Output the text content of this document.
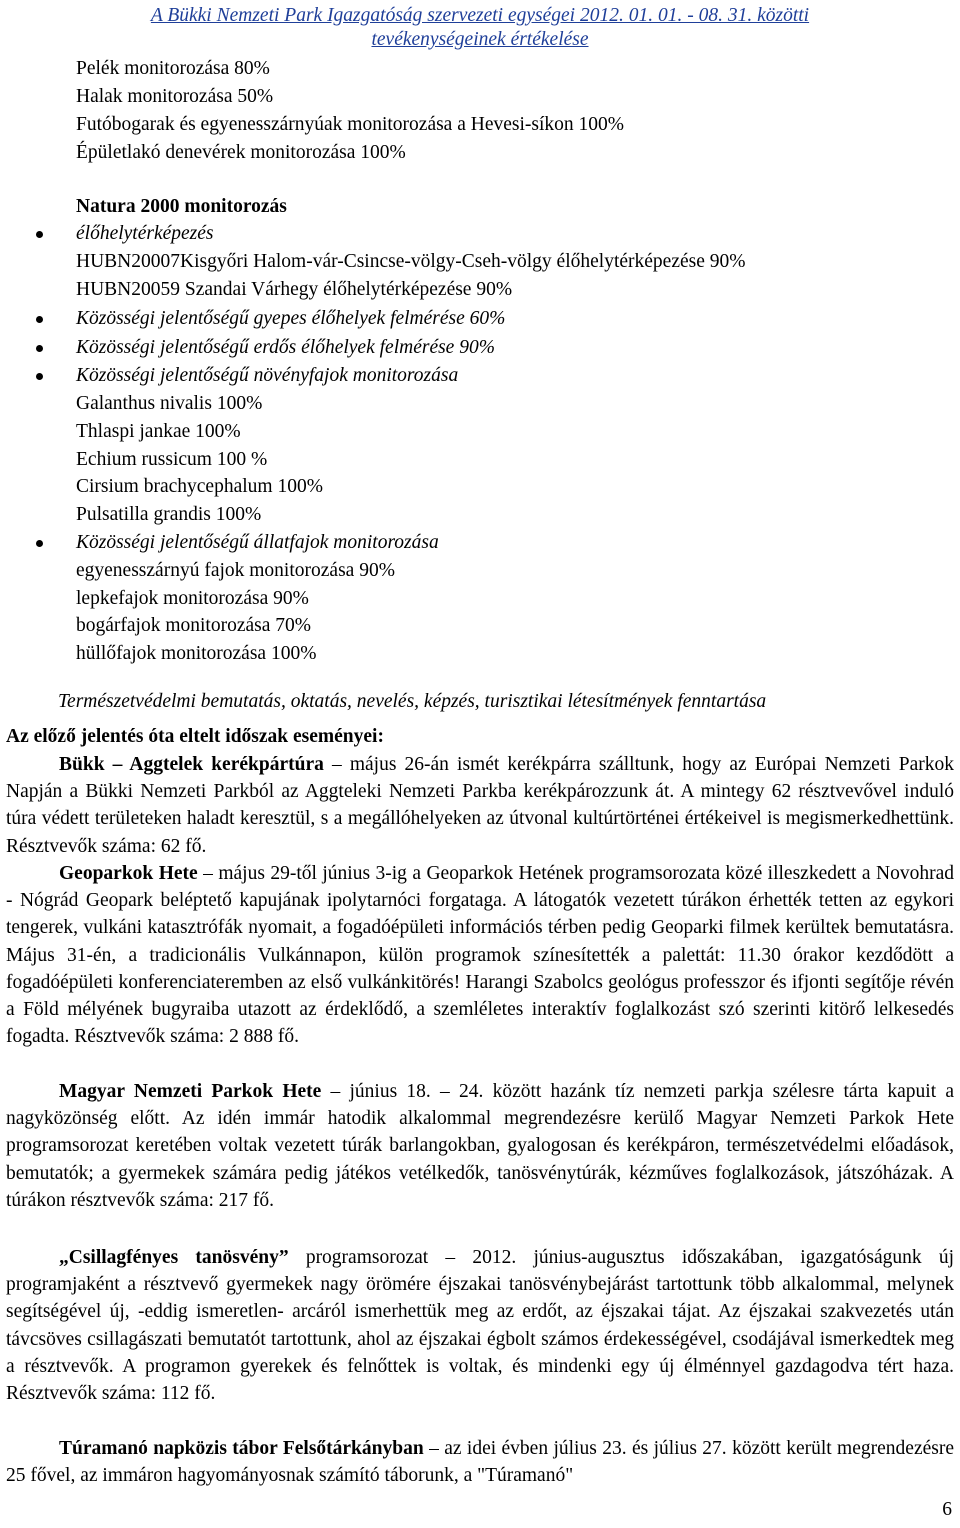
A Bükki Nemzeti Park Igazgatóság szervezeti egységei 2012. 01. 01. - 08. 31. közötti
tevékenységeinek értékelése
Pelék monitorozása 80%
Halak monitorozása 50%
Futóbogarak és egyenesszárnyúak monitorozása a Hevesi-síkon 100%
Épületlakó denevérek monitorozása 100%
Natura 2000 monitorozás
élőhelytérképezés
HUBN20007Kisgyőri Halom-vár-Csincse-völgy-Cseh-völgy élőhelytérképezése 90%
HUBN20059 Szandai Várhegy élőhelytérképezése 90%
Közösségi jelentőségű gyepes élőhelyek felmérése 60%
Közösségi jelentőségű erdős élőhelyek felmérése 90%
Közösségi jelentőségű növényfajok monitorozása
Galanthus nivalis 100%
Thlaspi jankae 100%
Echium russicum 100 %
Cirsium brachycephalum 100%
Pulsatilla grandis 100%
Közösségi jelentőségű állatfajok monitorozása
egyenesszárnyú fajok monitorozása 90%
lepkefajok monitorozása 90%
bogárfajok monitorozása 70%
hüllőfajok monitorozása 100%
Természetvédelmi bemutatás, oktatás, nevelés, képzés, turisztikai létesítmények fenntartása
Az előző jelentés óta eltelt időszak eseményei:
Bükk – Aggtelek kerékpártúra – május 26-án ismét kerékpárra szálltunk, hogy az Európai Nemzeti Parkok Napján a Bükki Nemzeti Parkból az Aggteleki Nemzeti Parkba kerékpározzunk át. A mintegy 62 résztvevővel induló túra védett területeken haladt keresztül, s a megállóhelyeken az útvonal kultúrtörténei értékeivel is megismerkedhettünk. Résztvevők száma: 62 fő.
Geoparkok Hete – május 29-től június 3-ig a Geoparkok Hetének programsorozata közé illeszkedett a Novohrad - Nógrád Geopark beléptető kapujának ipolytarnóci forgataga. A látogatók vezetett túrákon érhették tetten az egykori tengerek, vulkáni katasztrófák nyomait, a fogadóépületi információs térben pedig Geoparki filmek kerültek bemutatásra. Május 31-én, a tradicionális Vulkánnapon, külön programok színesítették a palettát: 11.30 órakor kezdődött a fogadóépületi konferenciateremben az első vulkánkitörés! Harangi Szabolcs geológus professzor és ifjonti segítője révén a Föld mélyének bugyraiba utazott az érdeklődő, a szemléletes interaktív foglalkozást szó szerinti kitörő lelkesedés fogadta. Résztvevők száma: 2 888 fő.
Magyar Nemzeti Parkok Hete – június 18. – 24. között hazánk tíz nemzeti parkja szélesre tárta kapuit a nagyközönség előtt. Az idén immár hatodik alkalommal megrendezésre kerülő Magyar Nemzeti Parkok Hete programsorozat keretében voltak vezetett túrák barlangokban, gyalogosan és kerékpáron, természetvédelmi előadások, bemutatók; a gyermekek számára pedig játékos vetélkedők, tanösvénytúrák, kézműves foglalkozások, játszóházak. A túrákon résztvevők száma: 217 fő.
„Csillagfényes tanösvény” programsorozat – 2012. június-augusztus időszakában, igazgatóságunk új programjaként a résztvevő gyermekek nagy örömére éjszakai tanösvénybejárást tartottunk több alkalommal, melynek segítségével új, -eddig ismeretlen- arcáról ismerhettük meg az erdőt, az éjszakai tájat. Az éjszakai szakvezetés után távcsöves csillagászati bemutatót tartottunk, ahol az éjszakai égbolt számos érdekességével, csodájával ismerkedtek meg a résztvevők. A programon gyerekek és felnőttek is voltak, és mindenki egy új élménnyel gazdagodva tért haza. Résztvevők száma: 112 fő.
Túramanó napközis tábor Felsőtárkányban – az idei évben július 23. és július 27. között került megrendezésre 25 fővel, az immáron hagyományosnak számító táborunk, a "Túramanó"
6
